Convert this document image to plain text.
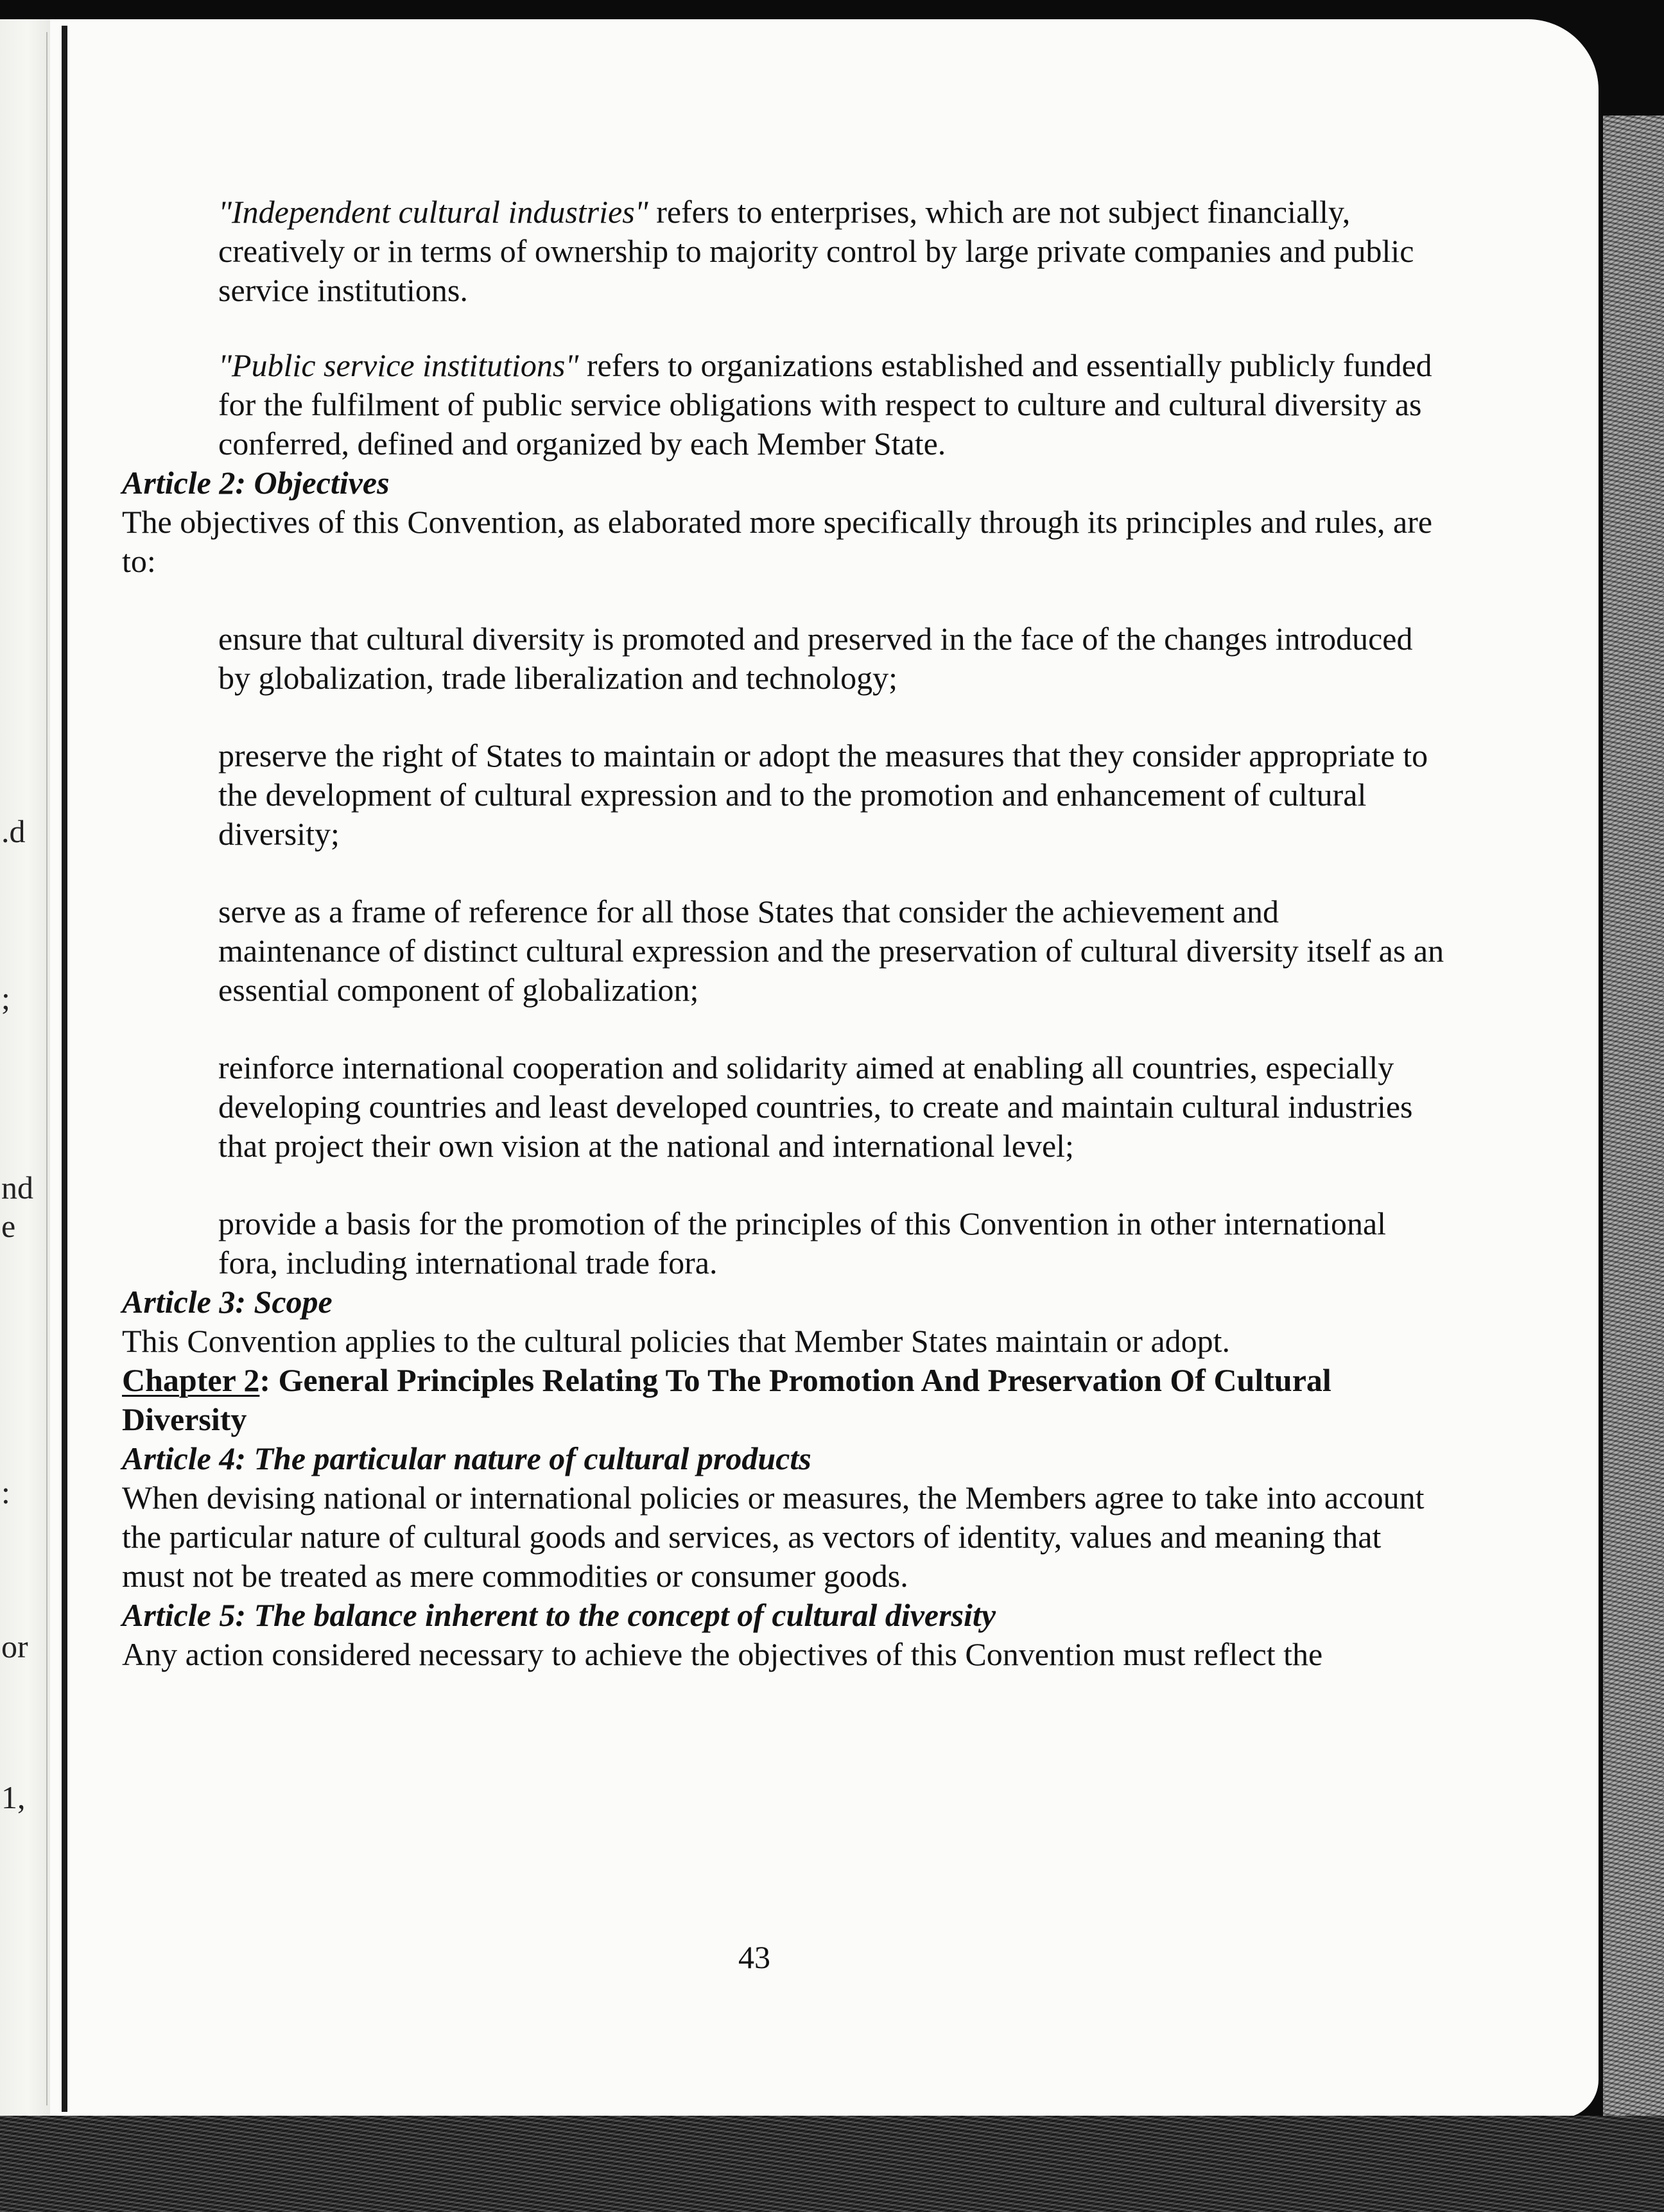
.d
;
nd
e
:
or
1,

"Independent cultural industries" refers to enterprises, which are not subject financially, creatively or in terms of ownership to majority control by large private companies and public service institutions.

"Public service institutions" refers to organizations established and essentially publicly funded for the fulfilment of public service obligations with respect to culture and cultural diversity as conferred, defined and organized by each Member State.

Article 2: Objectives

The objectives of this Convention, as elaborated more specifically through its principles and rules, are to:

ensure that cultural diversity is promoted and preserved in the face of the changes introduced by globalization, trade liberalization and technology;

preserve the right of States to maintain or adopt the measures that they consider appropriate to the development of cultural expression and to the promotion and enhancement of cultural diversity;

serve as a frame of reference for all those States that consider the achievement and maintenance of distinct cultural expression and the preservation of cultural diversity itself as an essential component of globalization;

reinforce international cooperation and solidarity aimed at enabling all countries, especially developing countries and least developed countries, to create and maintain cultural industries that project their own vision at the national and international level;

provide a basis for the promotion of the principles of this Convention in other international fora, including international trade fora.

Article 3: Scope

This Convention applies to the cultural policies that Member States maintain or adopt.

Chapter 2: General Principles Relating To The Promotion And Preservation Of Cultural Diversity

Article 4: The particular nature of cultural products

When devising national or international policies or measures, the Members agree to take into account the particular nature of cultural goods and services, as vectors of identity, values and meaning that must not be treated as mere commodities or consumer goods.

Article 5: The balance inherent to the concept of cultural diversity

Any action considered necessary to achieve the objectives of this Convention must reflect the

43
